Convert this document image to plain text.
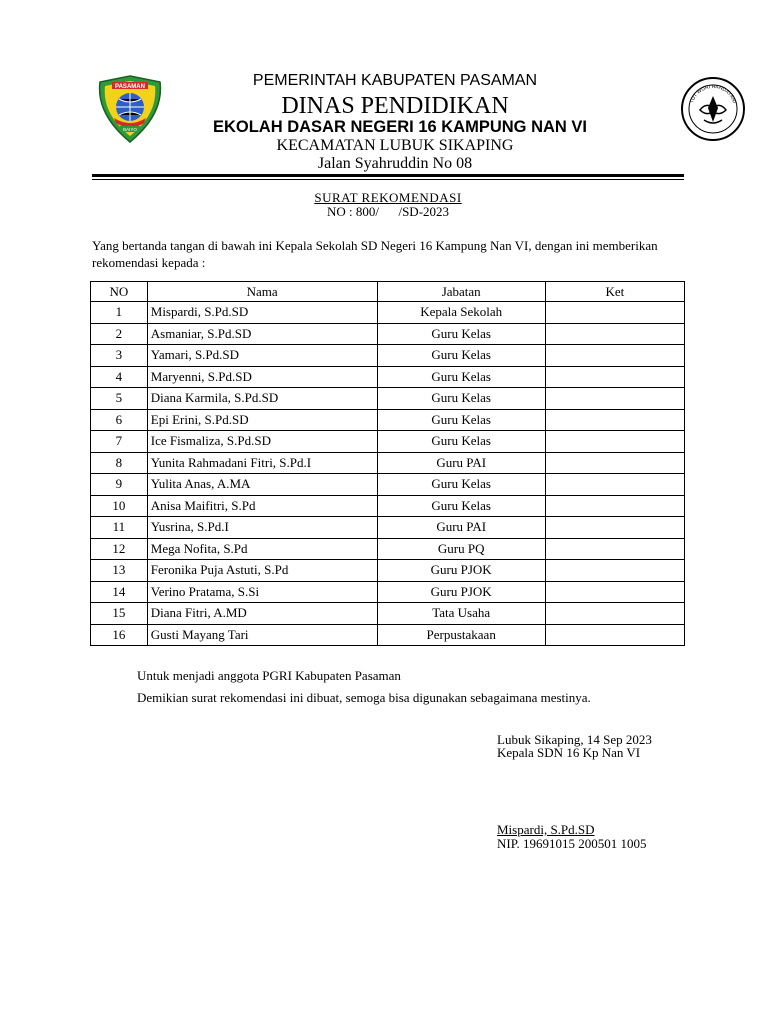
PASAMAN
BAIYO
TUT WURI HANDAYANI
PEMERINTAH KABUPATEN PASAMAN
DINAS PENDIDIKAN
EKOLAH DASAR NEGERI 16 KAMPUNG NAN VI
KECAMATAN LUBUK SIKAPING
Jalan Syahruddin No 08
SURAT REKOMENDASI
NO : 800/      /SD-2023
Yang bertanda tangan di bawah ini Kepala Sekolah SD Negeri 16 Kampung Nan VI, dengan ini memberikan rekomendasi kepada :
NO	Nama	Jabatan	Ket
1	Mispardi, S.Pd.SD	Kepala Sekolah	
2	Asmaniar, S.Pd.SD	Guru Kelas	
3	Yamari, S.Pd.SD	Guru Kelas	
4	Maryenni, S.Pd.SD	Guru Kelas	
5	Diana Karmila, S.Pd.SD	Guru Kelas	
6	Epi Erini, S.Pd.SD	Guru Kelas	
7	Ice Fismaliza, S.Pd.SD	Guru Kelas	
8	Yunita Rahmadani Fitri, S.Pd.I	Guru PAI	
9	Yulita Anas, A.MA	Guru Kelas	
10	Anisa Maifitri, S.Pd	Guru Kelas	
11	Yusrina, S.Pd.I	Guru PAI	
12	Mega Nofita, S.Pd	Guru PQ	
13	Feronika Puja Astuti, S.Pd	Guru PJOK	
14	Verino Pratama, S.Si	Guru PJOK	
15	Diana Fitri, A.MD	Tata Usaha	
16	Gusti Mayang Tari	Perpustakaan	
Untuk menjadi anggota PGRI Kabupaten Pasaman
Demikian surat rekomendasi ini dibuat, semoga bisa digunakan sebagaimana mestinya.
Lubuk Sikaping, 14 Sep 2023
Kepala SDN 16 Kp Nan VI
Mispardi, S.Pd.SD
NIP. 19691015 200501 1005
